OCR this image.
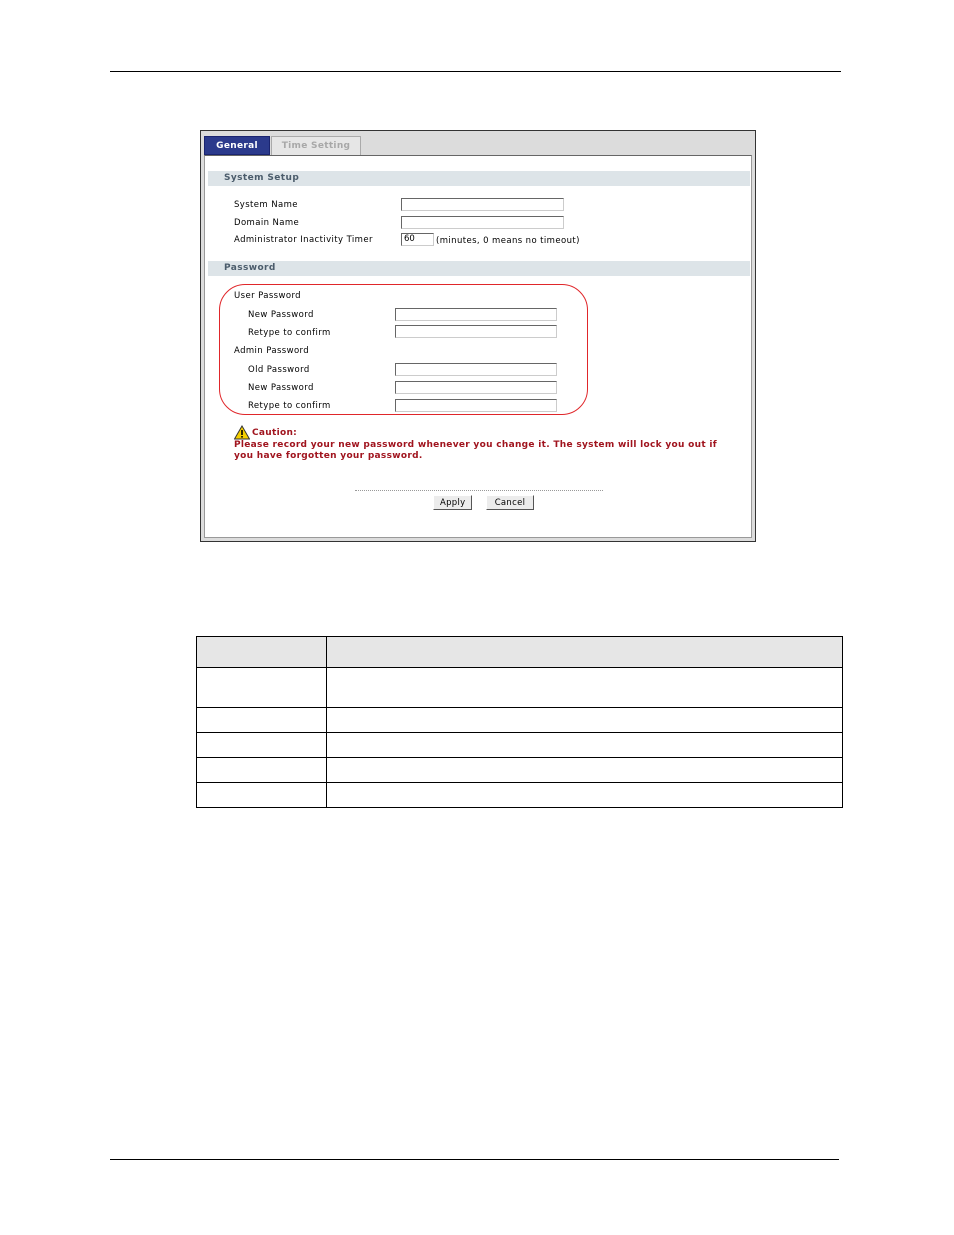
General	Time Setting
System Setup
System Name
Domain Name
Administrator Inactivity Timer
60	(minutes, 0 means no timeout)
Password
User Password
New Password
Retype to confirm
Admin Password
Old Password
New Password
Retype to confirm
Caution:
Please record your new password whenever you change it. The system will lock you out if you have forgotten your password.
Apply	Cancel
